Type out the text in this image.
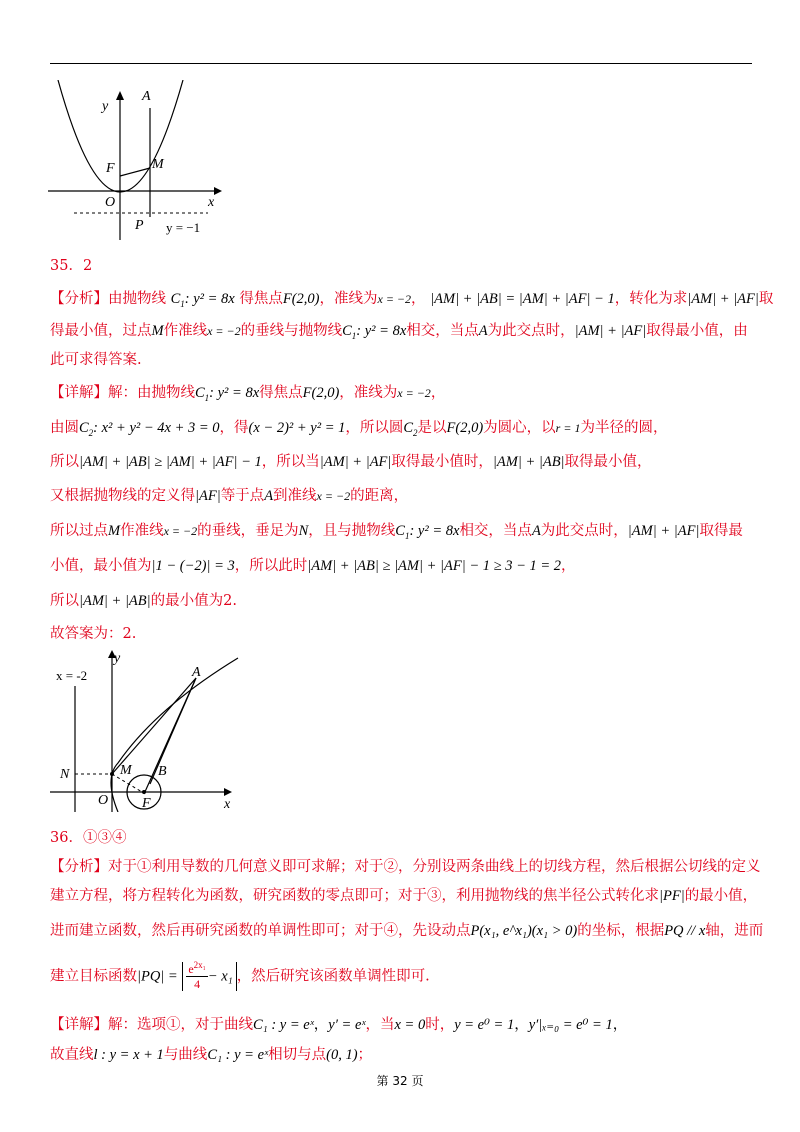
y
A
F	M
O	x
P y = −1
35．2
【分析】由抛物线 $C_1$: y² = 8x 得焦点F(2,0)，准线为x = −2， |AM| + |AB| = |AM| + |AF| − 1，转化为求|AM| + |AF|取
得最小值，过点M作准线x = −2的垂线与抛物线$C_1$: y² = 8x相交，当点A为此交点时，|AM| + |AF|取得最小值，由
此可求得答案.
【详解】解：由抛物线$C_1$: y² = 8x得焦点F(2,0)，准线为x = −2，
由圆$C_2$: x² + y² − 4x + 3 = 0，得(x − 2)² + y² = 1，所以圆$C_2$是以F(2,0)为圆心，以r = 1为半径的圆，
所以|AM| + |AB| ≥ |AM| + |AF| − 1，所以当|AM| + |AF|取得最小值时，|AM| + |AB|取得最小值，
又根据抛物线的定义得|AF|等于点A到准线x = −2的距离，
所以过点M作准线x = −2的垂线，垂足为N，且与抛物线$C_1$: y² = 8x相交，当点A为此交点时，|AM| + |AF|取得最
小值，最小值为|1 − (−2)| = 3，所以此时|AM| + |AB| ≥ |AM| + |AF| − 1 ≥ 3 − 1 = 2，
所以|AM| + |AB|的最小值为2.
故答案为：2.
y
x = -2	A
N	M B
O F	x
36．①③④
【分析】对于①利用导数的几何意义即可求解；对于②，分别设两条曲线上的切线方程，然后根据公切线的定义
建立方程，将方程转化为函数，研究函数的零点即可；对于③，利用抛物线的焦半径公式转化求|PF|的最小值，
进而建立函数，然后再研究函数的单调性即可；对于④，先设动点P(x₁, e^x₁)(x₁ > 0)的坐标，根据PQ // x轴，进而
建立目标函数$|PQ| = \frac{e^{2x_1}}{4} - x_1$ ，然后研究该函数单调性即可.
【详解】解：选项①，对于曲线C₁ : y = eˣ，y′ = eˣ，当x = 0时，y = e⁰ = 1，y′|ₓ₌₀ = e⁰ = 1，
故直线l : y = x + 1与曲线C₁ : y = eˣ相切与点(0, 1)；
第 32 页
